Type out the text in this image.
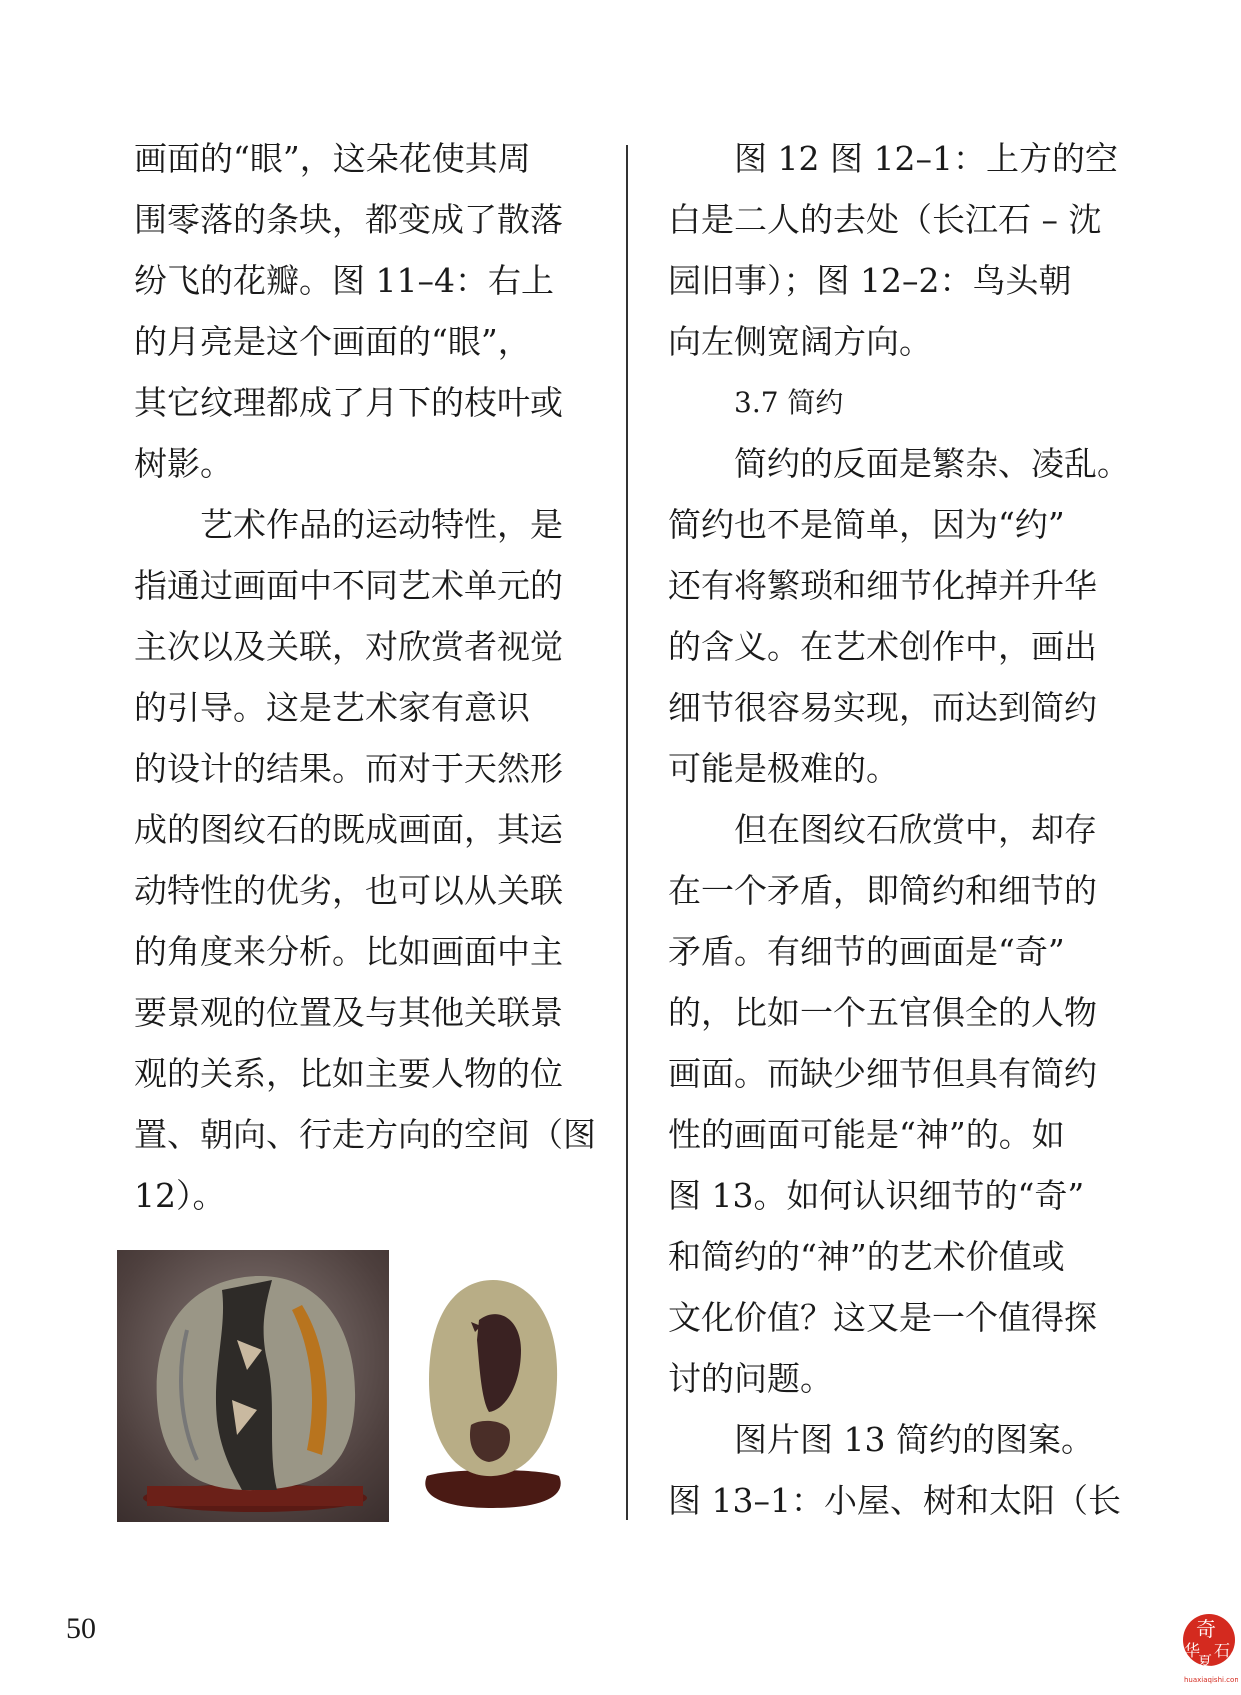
画面的“眼”，这朵花使其周

围零落的条块，都变成了散落

纷飞的花瓣。图 11–4：右上

的月亮是这个画面的“眼”，

其它纹理都成了月下的枝叶或

树影。

艺术作品的运动特性，是

指通过画面中不同艺术单元的

主次以及关联，对欣赏者视觉

的引导。这是艺术家有意识

的设计的结果。而对于天然形

成的图纹石的既成画面，其运

动特性的优劣，也可以从关联

的角度来分析。比如画面中主

要景观的位置及与其他关联景

观的关系，比如主要人物的位

置、朝向、行走方向的空间（图

12）。

图 12 图 12–1：上方的空

白是二人的去处（长江石 – 沈

园旧事）；图 12–2：鸟头朝

向左侧宽阔方向。

3.7 简约

简约的反面是繁杂、凌乱。

简约也不是简单，因为“约”

还有将繁琐和细节化掉并升华

的含义。在艺术创作中，画出

细节很容易实现，而达到简约

可能是极难的。

但在图纹石欣赏中，却存

在一个矛盾，即简约和细节的

矛盾。有细节的画面是“奇”

的，比如一个五官俱全的人物

画面。而缺少细节但具有简约

性的画面可能是“神”的。如

图 13。如何认识细节的“奇”

和简约的“神”的艺术价值或

文化价值？这又是一个值得探

讨的问题。

图片图 13 简约的图案。

图 13–1：小屋、树和太阳（长

50	奇
华 石
夏
huaxiaqishi.com
